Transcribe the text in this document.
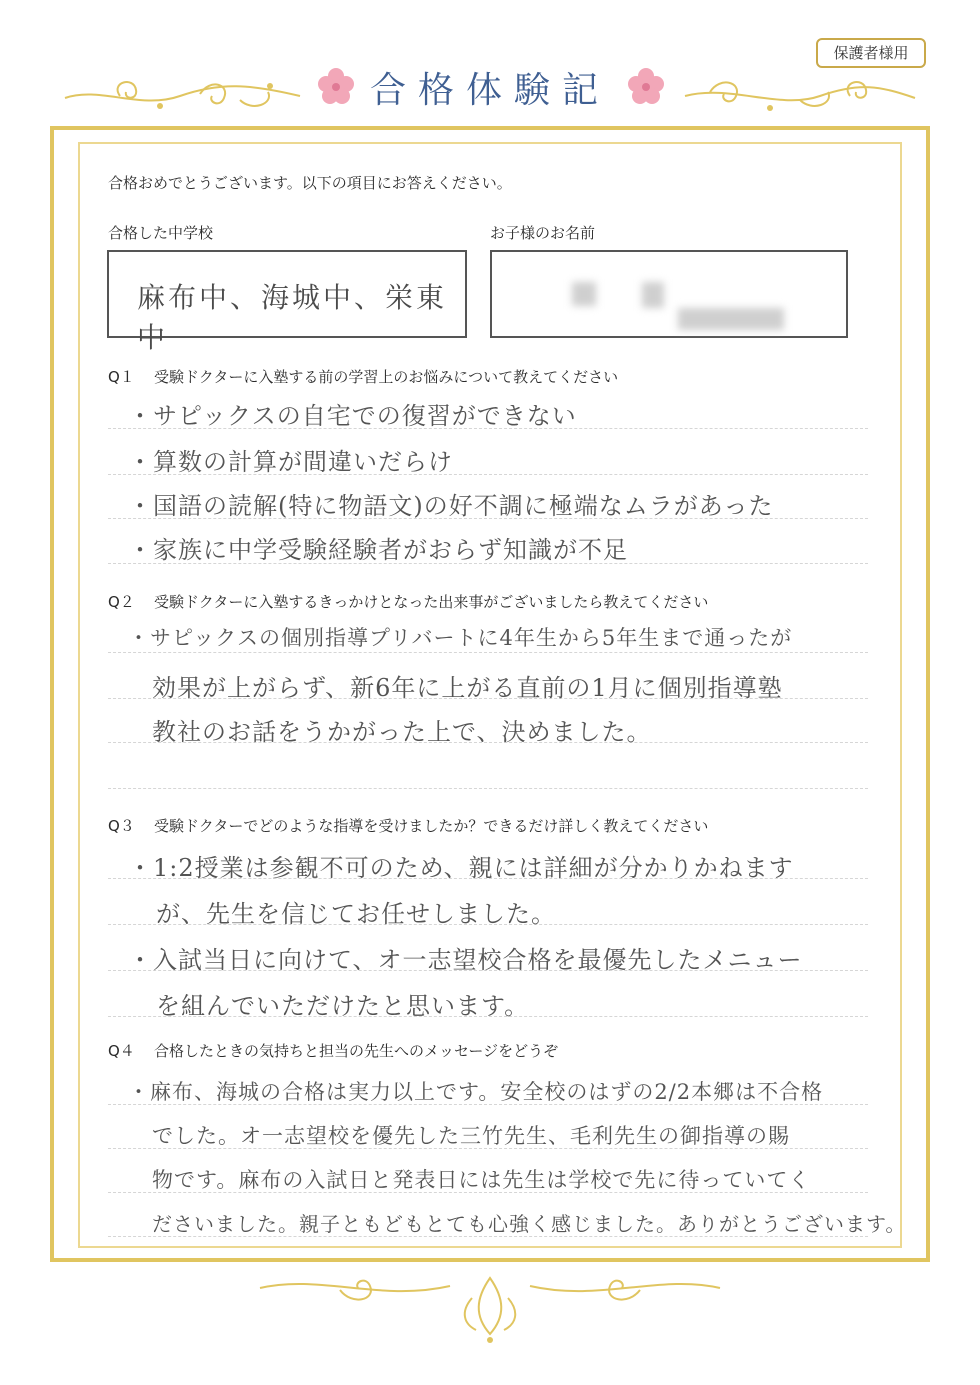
保護者様用
合格体験記
合格おめでとうございます。以下の項目にお答えください。
合格した中学校
麻布中、海城中、栄東中
お子様のお名前
Q１ 受験ドクターに入塾する前の学習上のお悩みについて教えてください
・サピックスの自宅での復習ができない
・算数の計算が間違いだらけ
・国語の読解(特に物語文)の好不調に極端なムラがあった
・家族に中学受験経験者がおらず知識が不足
Q２ 受験ドクターに入塾するきっかけとなった出来事がございましたら教えてください
・サピックスの個別指導プリバートに4年生から5年生まで通ったが
効果が上がらず、新6年に上がる直前の1月に個別指導塾
教社のお話をうかがった上で、決めました。
Q３ 受験ドクターでどのような指導を受けましたか？できるだけ詳しく教えてください
・1:2授業は参観不可のため、親には詳細が分かりかねます
が、先生を信じてお任せしました。
・入試当日に向けて、オ一志望校合格を最優先したメニュー
を組んでいただけたと思います。
Q４ 合格したときの気持ちと担当の先生へのメッセージをどうぞ
・麻布、海城の合格は実力以上です。安全校のはずの2/2本郷は不合格
でした。オ一志望校を優先した三竹先生、毛利先生の御指導の賜
物です。麻布の入試日と発表日には先生は学校で先に待っていてく
ださいました。親子ともどもとても心強く感じました。ありがとうございます。
